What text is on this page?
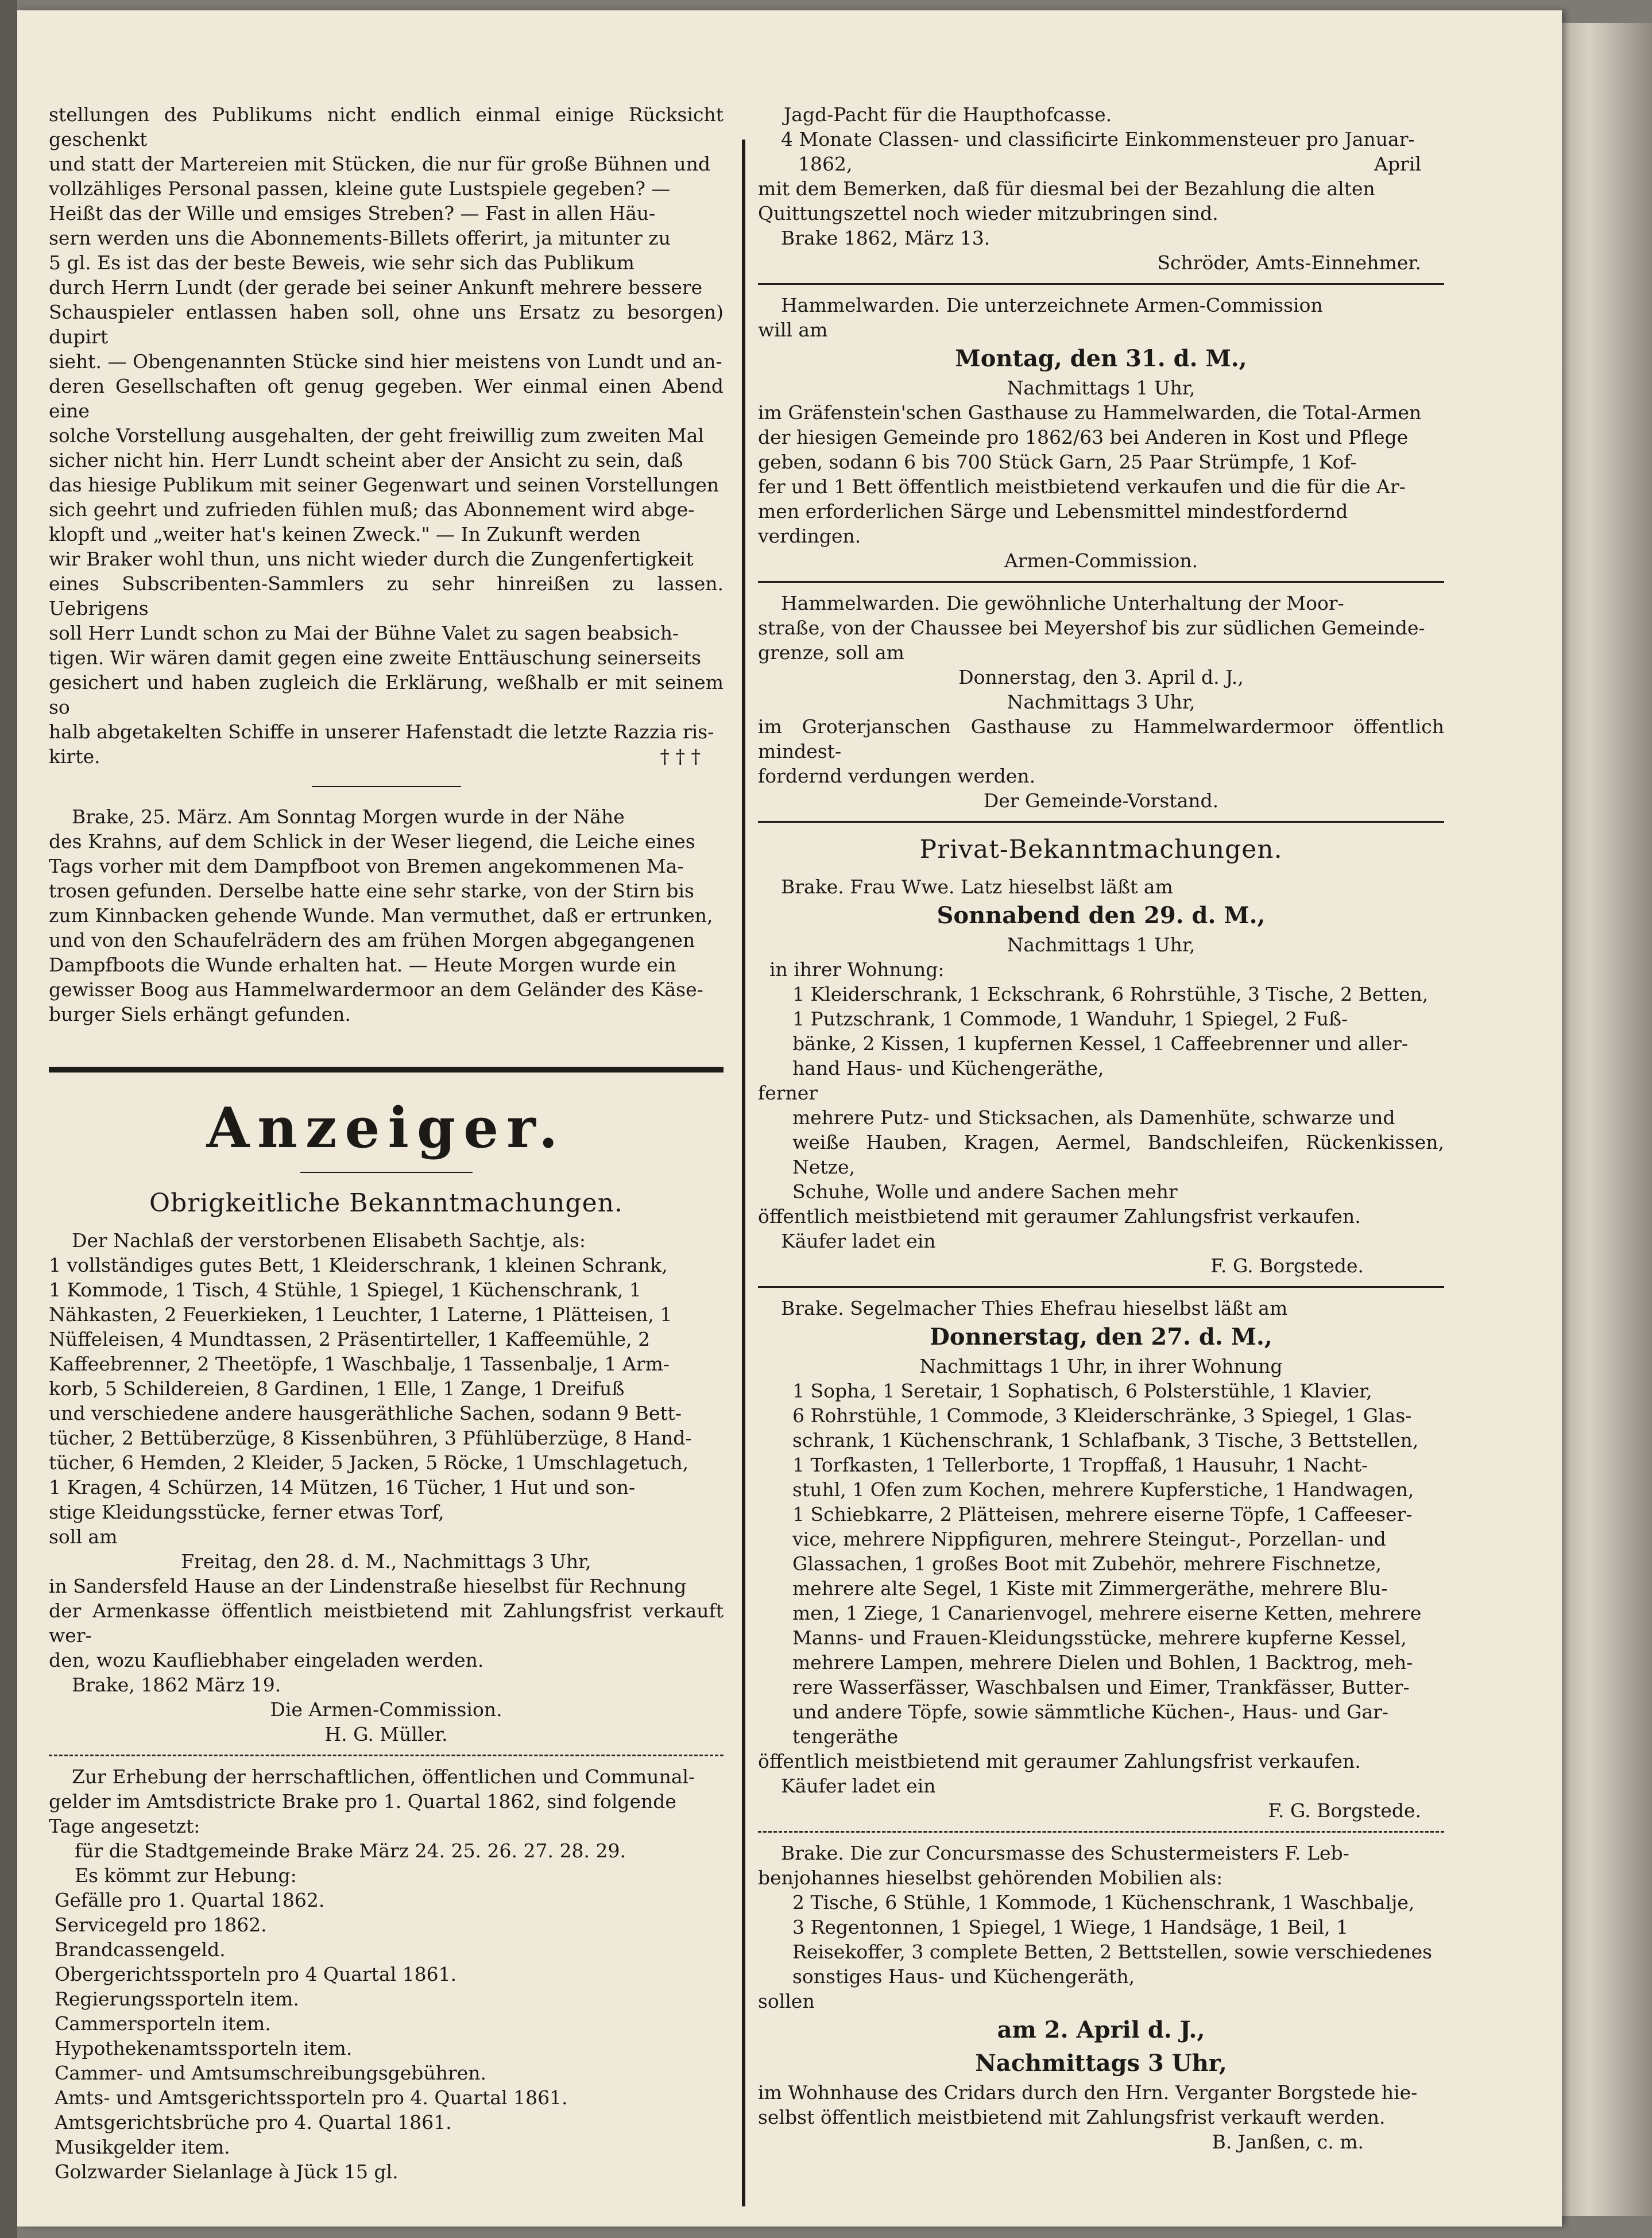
stellungen des Publikums nicht endlich einmal einige Rücksicht geschenkt

und statt der Martereien mit Stücken, die nur für große Bühnen und

vollzähliges Personal passen, kleine gute Lustspiele gegeben? —

Heißt das der Wille und emsiges Streben? — Fast in allen Häu-

sern werden uns die Abonnements-Billets offerirt, ja mitunter zu

5 gl. Es ist das der beste Beweis, wie sehr sich das Publikum

durch Herrn Lundt (der gerade bei seiner Ankunft mehrere bessere

Schauspieler entlassen haben soll, ohne uns Ersatz zu besorgen) dupirt

sieht. — Obengenannten Stücke sind hier meistens von Lundt und an-

deren Gesellschaften oft genug gegeben. Wer einmal einen Abend eine

solche Vorstellung ausgehalten, der geht freiwillig zum zweiten Mal

sicher nicht hin. Herr Lundt scheint aber der Ansicht zu sein, daß

das hiesige Publikum mit seiner Gegenwart und seinen Vorstellungen

sich geehrt und zufrieden fühlen muß; das Abonnement wird abge-

klopft und „weiter hat's keinen Zweck." — In Zukunft werden

wir Braker wohl thun, uns nicht wieder durch die Zungenfertigkeit

eines Subscribenten-Sammlers zu sehr hinreißen zu lassen. Uebrigens

soll Herr Lundt schon zu Mai der Bühne Valet zu sagen beabsich-

tigen. Wir wären damit gegen eine zweite Enttäuschung seinerseits

gesichert und haben zugleich die Erklärung, weßhalb er mit seinem so

halb abgetakelten Schiffe in unserer Hafenstadt die letzte Razzia ris-

kirte.	† † †

Brake, 25. März. Am Sonntag Morgen wurde in der Nähe

des Krahns, auf dem Schlick in der Weser liegend, die Leiche eines

Tags vorher mit dem Dampfboot von Bremen angekommenen Ma-

trosen gefunden. Derselbe hatte eine sehr starke, von der Stirn bis

zum Kinnbacken gehende Wunde. Man vermuthet, daß er ertrunken,

und von den Schaufelrädern des am frühen Morgen abgegangenen

Dampfboots die Wunde erhalten hat. — Heute Morgen wurde ein

gewisser Boog aus Hammelwardermoor an dem Geländer des Käse-

burger Siels erhängt gefunden.

Anzeiger.

Obrigkeitliche Bekanntmachungen.

Der Nachlaß der verstorbenen Elisabeth Sachtje, als:

1 vollständiges gutes Bett, 1 Kleiderschrank, 1 kleinen Schrank,

1 Kommode, 1 Tisch, 4 Stühle, 1 Spiegel, 1 Küchenschrank, 1

Nähkasten, 2 Feuerkieken, 1 Leuchter, 1 Laterne, 1 Plätteisen, 1

Nüffeleisen, 4 Mundtassen, 2 Präsentirteller, 1 Kaffeemühle, 2

Kaffeebrenner, 2 Theetöpfe, 1 Waschbalje, 1 Tassenbalje, 1 Arm-

korb, 5 Schildereien, 8 Gardinen, 1 Elle, 1 Zange, 1 Dreifuß

und verschiedene andere hausgeräthliche Sachen, sodann 9 Bett-

tücher, 2 Bettüberzüge, 8 Kissenbühren, 3 Pfühlüberzüge, 8 Hand-

tücher, 6 Hemden, 2 Kleider, 5 Jacken, 5 Röcke, 1 Umschlagetuch,

1 Kragen, 4 Schürzen, 14 Mützen, 16 Tücher, 1 Hut und son-

stige Kleidungsstücke, ferner etwas Torf,

soll am

Freitag, den 28. d. M., Nachmittags 3 Uhr,

in Sandersfeld Hause an der Lindenstraße hieselbst für Rechnung

der Armenkasse öffentlich meistbietend mit Zahlungsfrist verkauft wer-

den, wozu Kaufliebhaber eingeladen werden.

Brake, 1862 März 19.

Die Armen-Commission.

H. G. Müller.

Zur Erhebung der herrschaftlichen, öffentlichen und Communal-

gelder im Amtsdistricte Brake pro 1. Quartal 1862, sind folgende

Tage angesetzt:

für die Stadtgemeinde Brake März 24. 25. 26. 27. 28. 29.

Es kömmt zur Hebung:

Gefälle pro 1. Quartal 1862.

Servicegeld pro 1862.

Brandcassengeld.

Obergerichtssporteln pro 4 Quartal 1861.

Regierungssporteln item.

Cammersporteln item.

Hypothekenamtssporteln item.

Cammer- und Amtsumschreibungsgebühren.

Amts- und Amtsgerichtssporteln pro 4. Quartal 1861.

Amtsgerichtsbrüche pro 4. Quartal 1861.

Musikgelder item.

Golzwarder Sielanlage à Jück 15 gl.

Jagd-Pacht für die Haupthofcasse.

4 Monate Classen- und classificirte Einkommensteuer pro Januar-

1862,	April

mit dem Bemerken, daß für diesmal bei der Bezahlung die alten

Quittungszettel noch wieder mitzubringen sind.

Brake 1862, März 13.

Schröder, Amts-Einnehmer.

Hammelwarden. Die unterzeichnete Armen-Commission

will am

Montag, den 31. d. M.,

Nachmittags 1 Uhr,

im Gräfenstein'schen Gasthause zu Hammelwarden, die Total-Armen

der hiesigen Gemeinde pro 1862/63 bei Anderen in Kost und Pflege

geben, sodann 6 bis 700 Stück Garn, 25 Paar Strümpfe, 1 Kof-

fer und 1 Bett öffentlich meistbietend verkaufen und die für die Ar-

men erforderlichen Särge und Lebensmittel mindestfordernd verdingen.

Armen-Commission.

Hammelwarden. Die gewöhnliche Unterhaltung der Moor-

straße, von der Chaussee bei Meyershof bis zur südlichen Gemeinde-

grenze, soll am

Donnerstag, den 3. April d. J.,

Nachmittags 3 Uhr,

im Groterjanschen Gasthause zu Hammelwardermoor öffentlich mindest-

fordernd verdungen werden.

Der Gemeinde-Vorstand.

Privat-Bekanntmachungen.

Brake. Frau Wwe. Latz hieselbst läßt am

Sonnabend den 29. d. M.,

Nachmittags 1 Uhr,

in ihrer Wohnung:

1 Kleiderschrank, 1 Eckschrank, 6 Rohrstühle, 3 Tische, 2 Betten,

1 Putzschrank, 1 Commode, 1 Wanduhr, 1 Spiegel, 2 Fuß-

bänke, 2 Kissen, 1 kupfernen Kessel, 1 Caffeebrenner und aller-

hand Haus- und Küchengeräthe,

ferner

mehrere Putz- und Sticksachen, als Damenhüte, schwarze und

weiße Hauben, Kragen, Aermel, Bandschleifen, Rückenkissen, Netze,

Schuhe, Wolle und andere Sachen mehr

öffentlich meistbietend mit geraumer Zahlungsfrist verkaufen.

Käufer ladet ein

F. G. Borgstede.

Brake. Segelmacher Thies Ehefrau hieselbst läßt am

Donnerstag, den 27. d. M.,

Nachmittags 1 Uhr, in ihrer Wohnung

1 Sopha, 1 Seretair, 1 Sophatisch, 6 Polsterstühle, 1 Klavier,

6 Rohrstühle, 1 Commode, 3 Kleiderschränke, 3 Spiegel, 1 Glas-

schrank, 1 Küchenschrank, 1 Schlafbank, 3 Tische, 3 Bettstellen,

1 Torfkasten, 1 Tellerborte, 1 Tropffaß, 1 Hausuhr, 1 Nacht-

stuhl, 1 Ofen zum Kochen, mehrere Kupferstiche, 1 Handwagen,

1 Schiebkarre, 2 Plätteisen, mehrere eiserne Töpfe, 1 Caffeeser-

vice, mehrere Nippfiguren, mehrere Steingut-, Porzellan- und

Glassachen, 1 großes Boot mit Zubehör, mehrere Fischnetze,

mehrere alte Segel, 1 Kiste mit Zimmergeräthe, mehrere Blu-

men, 1 Ziege, 1 Canarienvogel, mehrere eiserne Ketten, mehrere

Manns- und Frauen-Kleidungsstücke, mehrere kupferne Kessel,

mehrere Lampen, mehrere Dielen und Bohlen, 1 Backtrog, meh-

rere Wasserfässer, Waschbalsen und Eimer, Trankfässer, Butter-

und andere Töpfe, sowie sämmtliche Küchen-, Haus- und Gar-

tengeräthe

öffentlich meistbietend mit geraumer Zahlungsfrist verkaufen.

Käufer ladet ein

F. G. Borgstede.

Brake. Die zur Concursmasse des Schustermeisters F. Leb-

benjohannes hieselbst gehörenden Mobilien als:

2 Tische, 6 Stühle, 1 Kommode, 1 Küchenschrank, 1 Waschbalje,

3 Regentonnen, 1 Spiegel, 1 Wiege, 1 Handsäge, 1 Beil, 1

Reisekoffer, 3 complete Betten, 2 Bettstellen, sowie verschiedenes

sonstiges Haus- und Küchengeräth,

sollen

am 2. April d. J.,

Nachmittags 3 Uhr,

im Wohnhause des Cridars durch den Hrn. Verganter Borgstede hie-

selbst öffentlich meistbietend mit Zahlungsfrist verkauft werden.

B. Janßen, c. m.
